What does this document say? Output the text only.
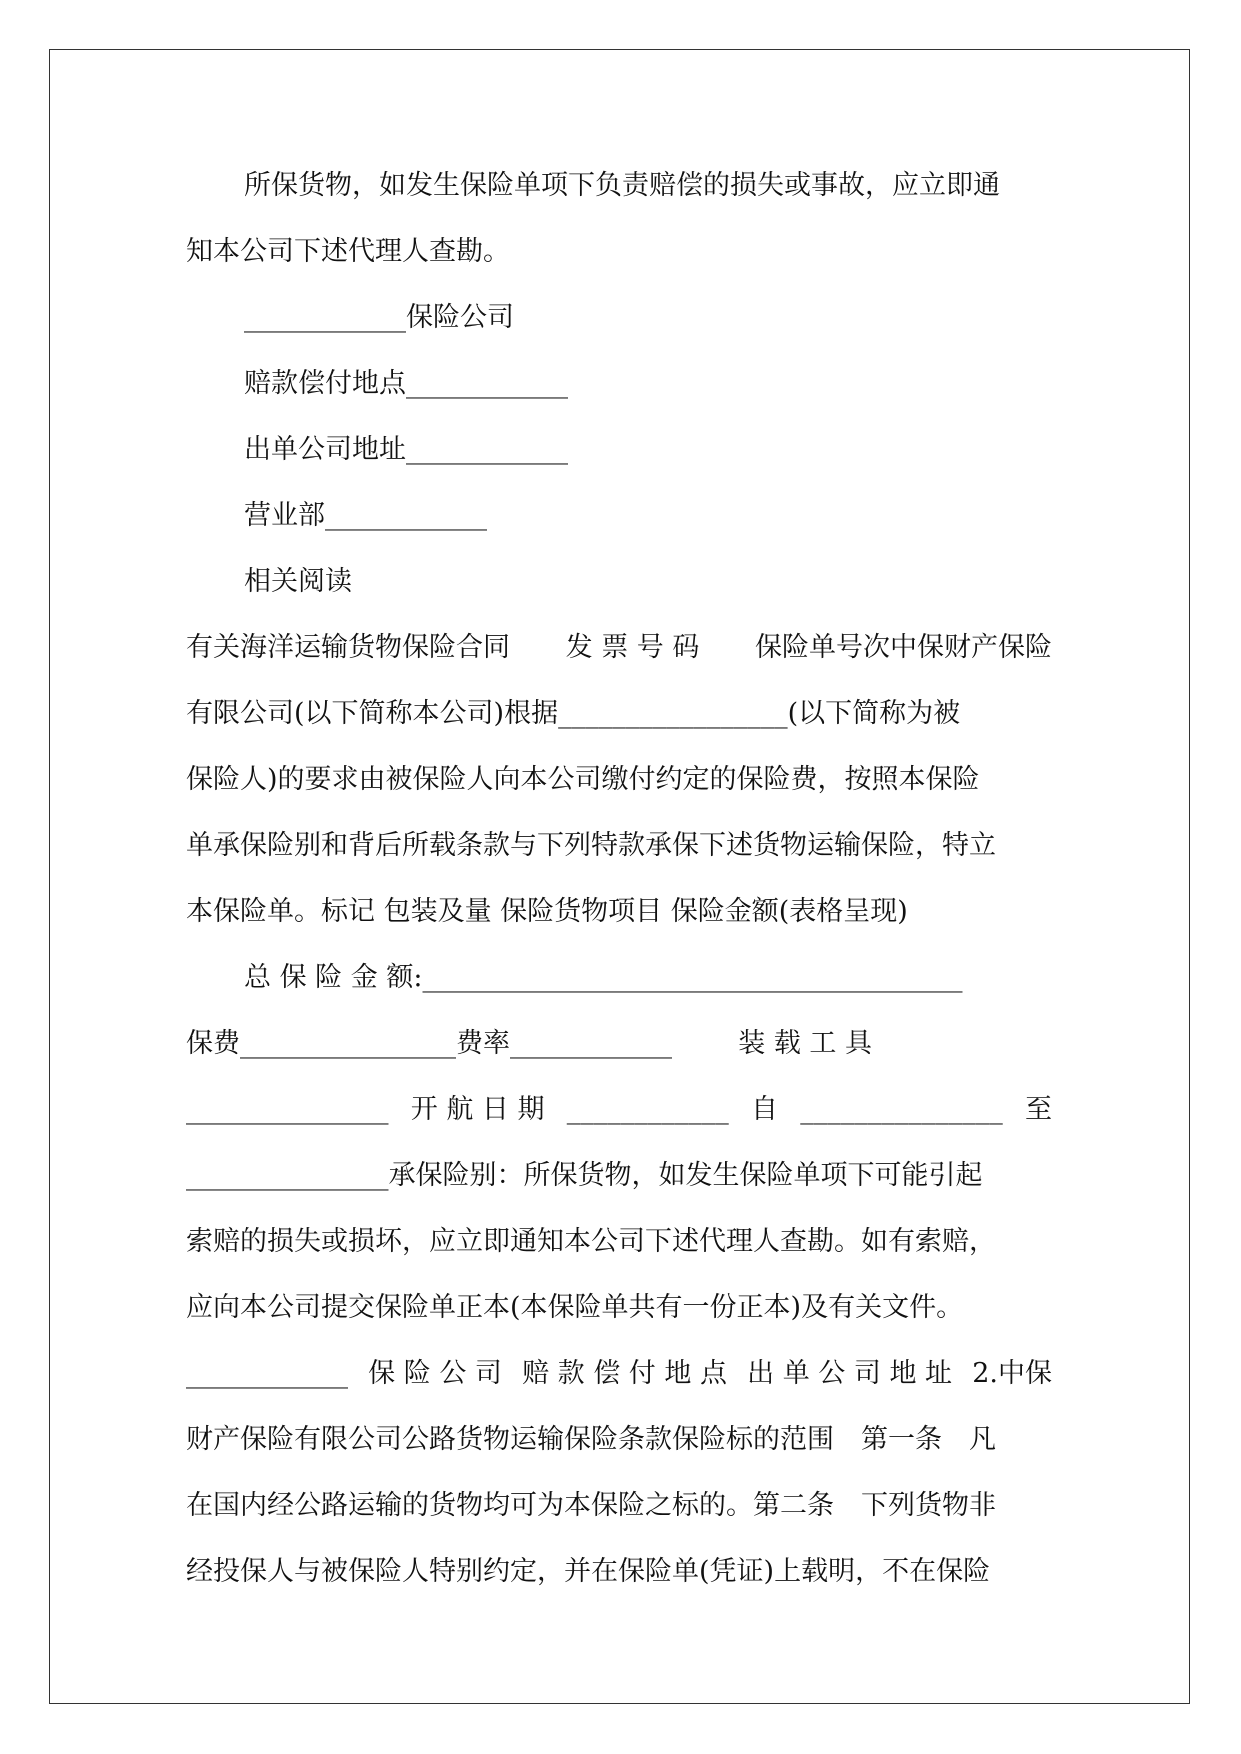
所保货物，如发生保险单项下负责赔偿的损失或事故，应立即通
知本公司下述代理人查勘。
____________保险公司
赔款偿付地点____________
出单公司地址____________
营业部____________
相关阅读
有关海洋运输货物保险合同 发 票 号 码 保险单号次中保财产保险
有限公司(以下简称本公司)根据_________________(以下简称为被
保险人)的要求由被保险人向本公司缴付约定的保险费，按照本保险
单承保险别和背后所载条款与下列特款承保下述货物运输保险，特立
本保险单。标记 包装及量 保险货物项目 保险金额(表格呈现)
总 保 险 金 额:________________________________________
保费________________费率____________ 装 载 工 具
_______________ 开 航 日 期 ____________ 自 _______________ 至
_______________承保险别：所保货物，如发生保险单项下可能引起
索赔的损失或损坏，应立即通知本公司下述代理人查勘。如有索赔，
应向本公司提交保险单正本(本保险单共有一份正本)及有关文件。
____________ 保 险 公 司 赔 款 偿 付 地 点 出 单 公 司 地 址 2.中保
财产保险有限公司公路货物运输保险条款保险标的范围　第一条　凡
在国内经公路运输的货物均可为本保险之标的。第二条　下列货物非
经投保人与被保险人特别约定，并在保险单(凭证)上载明，不在保险
